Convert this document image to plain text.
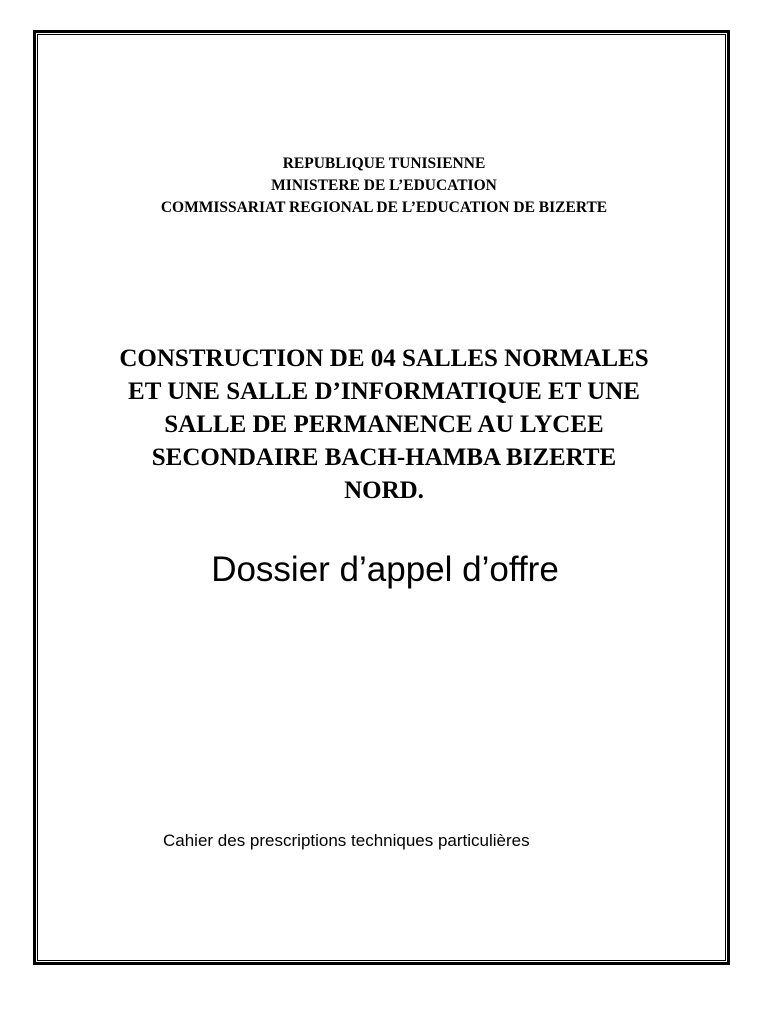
REPUBLIQUE TUNISIENNE
MINISTERE DE L’EDUCATION
COMMISSARIAT REGIONAL DE L’EDUCATION DE BIZERTE
CONSTRUCTION DE 04 SALLES NORMALES
ET UNE SALLE D’INFORMATIQUE ET UNE
SALLE DE PERMANENCE AU LYCEE
SECONDAIRE BACH-HAMBA BIZERTE
NORD.
Dossier d’appel d’offre
Cahier des prescriptions techniques particulières
